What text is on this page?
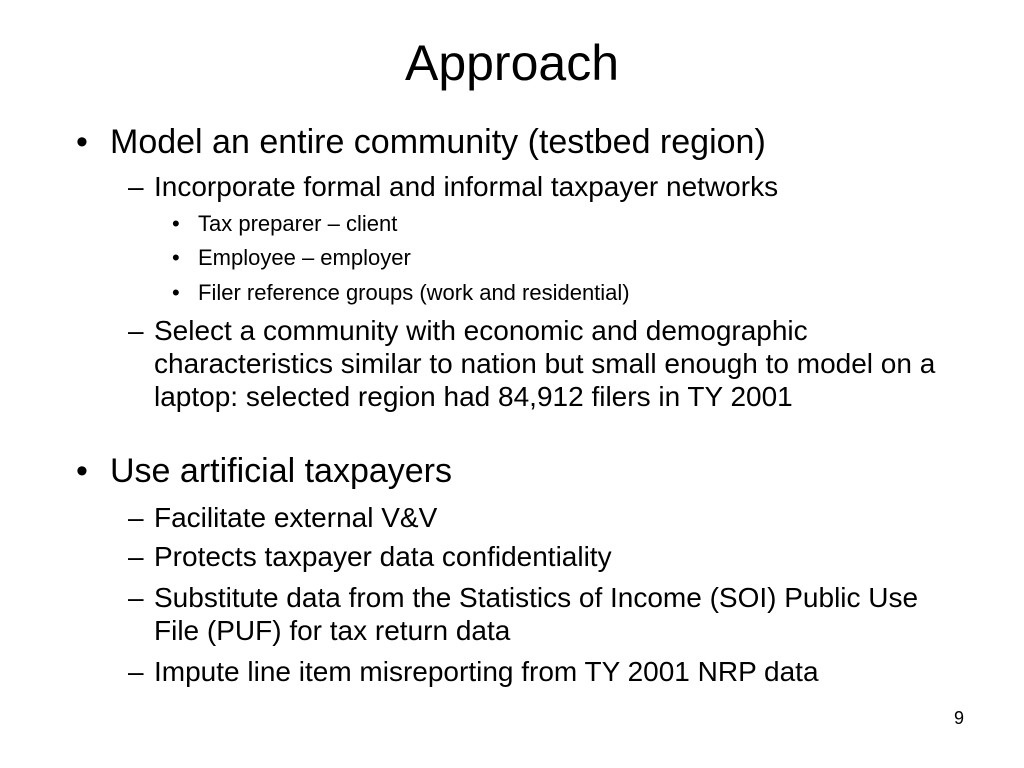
Approach
• Model an entire community (testbed region)
– Incorporate formal and informal taxpayer networks
• Tax preparer – client
• Employee – employer
• Filer reference groups (work and residential)
– Select a community with economic and demographic characteristics similar to nation but small enough to model on a laptop: selected region had 84,912 filers in TY 2001
• Use artificial taxpayers
– Facilitate external V&V
– Protects taxpayer data confidentiality
– Substitute data from the Statistics of Income (SOI) Public Use File (PUF) for tax return data
– Impute line item misreporting from TY 2001 NRP data
9
